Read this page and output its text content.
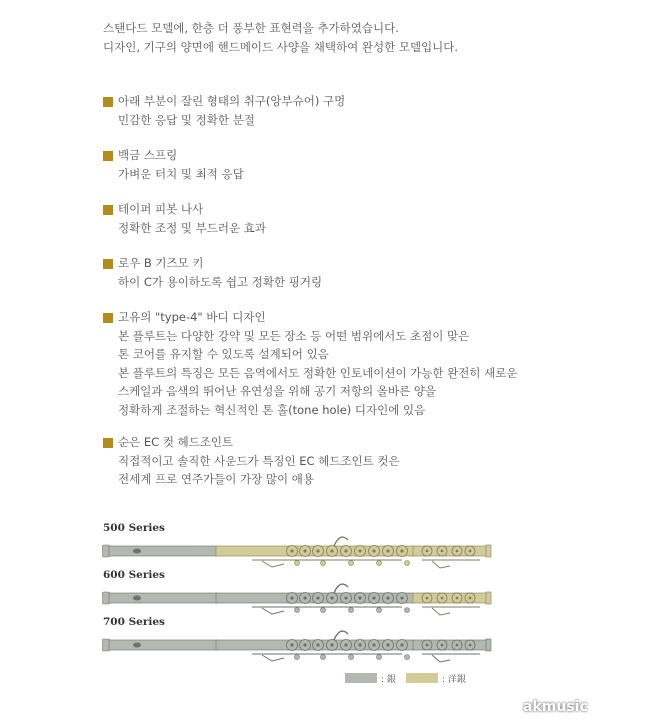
스탠다드 모델에, 한층 더 풍부한 표현력을 추가하였습니다.
디자인, 기구의 양면에 핸드메이드 사양을 채택하여 완성한 모델입니다.
아래 부분이 잘린 형태의 취구(앙부슈어) 구멍
민감한 응답 및 정확한 분절
백금 스프링
가벼운 터치 및 최적 응답
테이퍼 피봇 나사
정확한 조정 및 부드러운 효과
로우 B 기즈모 키
하이 C가 용이하도록 쉽고 정확한 핑거링
고유의 "type-4" 바디 디자인
본 플루트는 다양한 강약 및 모든 장소 등 어떤 범위에서도 초점이 맞은
톤 코어를 유지할 수 있도록 설계되어 있음
본 플루트의 특징은 모든 음역에서도 정확한 인토네이션이 가능한 완전히 새로운
스케일과 음색의 뛰어난 유연성을 위해 공기 저항의 올바른 양을
정확하게 조절하는 혁신적인 톤 홀(tone hole) 디자인에 있음
순은 EC 컷 헤드조인트
직접적이고 솔직한 사운드가 특징인 EC 헤드조인트 컷은
전세계 프로 연주가들이 가장 많이 애용
500 Series
600 Series
700 Series
: 銀	: 洋銀
akmusic
